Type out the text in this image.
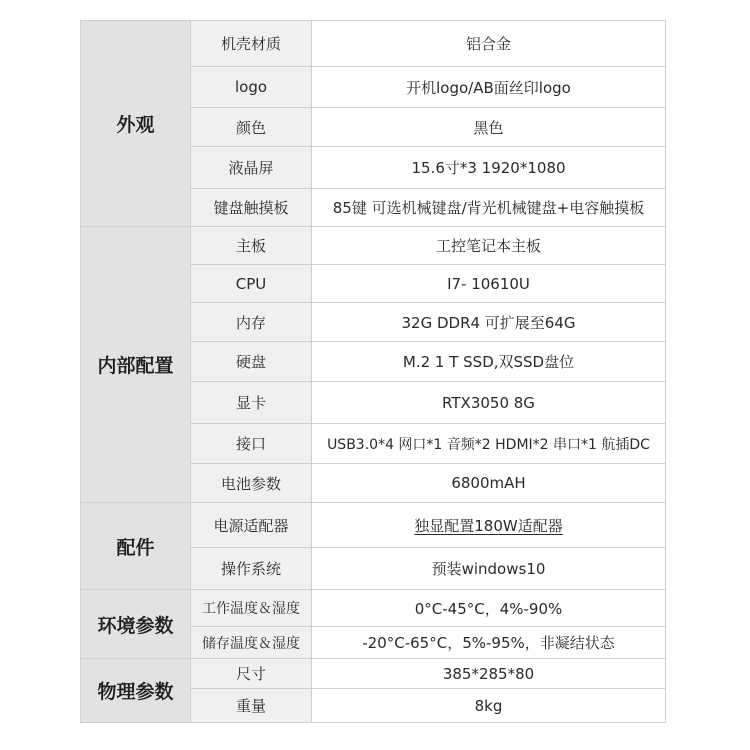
外观	机壳材质	铝合金
	logo	开机logo/AB面丝印logo
	颜色	黑色
	液晶屏	15.6寸*3 1920*1080
	键盘触摸板	85键 可选机械键盘/背光机械键盘+电容触摸板
内部配置	主板	工控笔记本主板
	CPU	I7- 10610U
	内存	32G DDR4 可扩展至64G
	硬盘	M.2 1 T SSD,双SSD盘位
	显卡	RTX3050 8G
	接口	USB3.0*4 网口*1 音频*2 HDMI*2 串口*1 航插DC
	电池参数	6800mAH
配件	电源适配器	独显配置180W适配器
	操作系统	预装windows10
环境参数	工作温度＆湿度	0°C-45°C，4%-90%
	储存温度＆湿度	-20°C-65°C，5%-95%，非凝结状态
物理参数	尺寸	385*285*80
	重量	8kg
